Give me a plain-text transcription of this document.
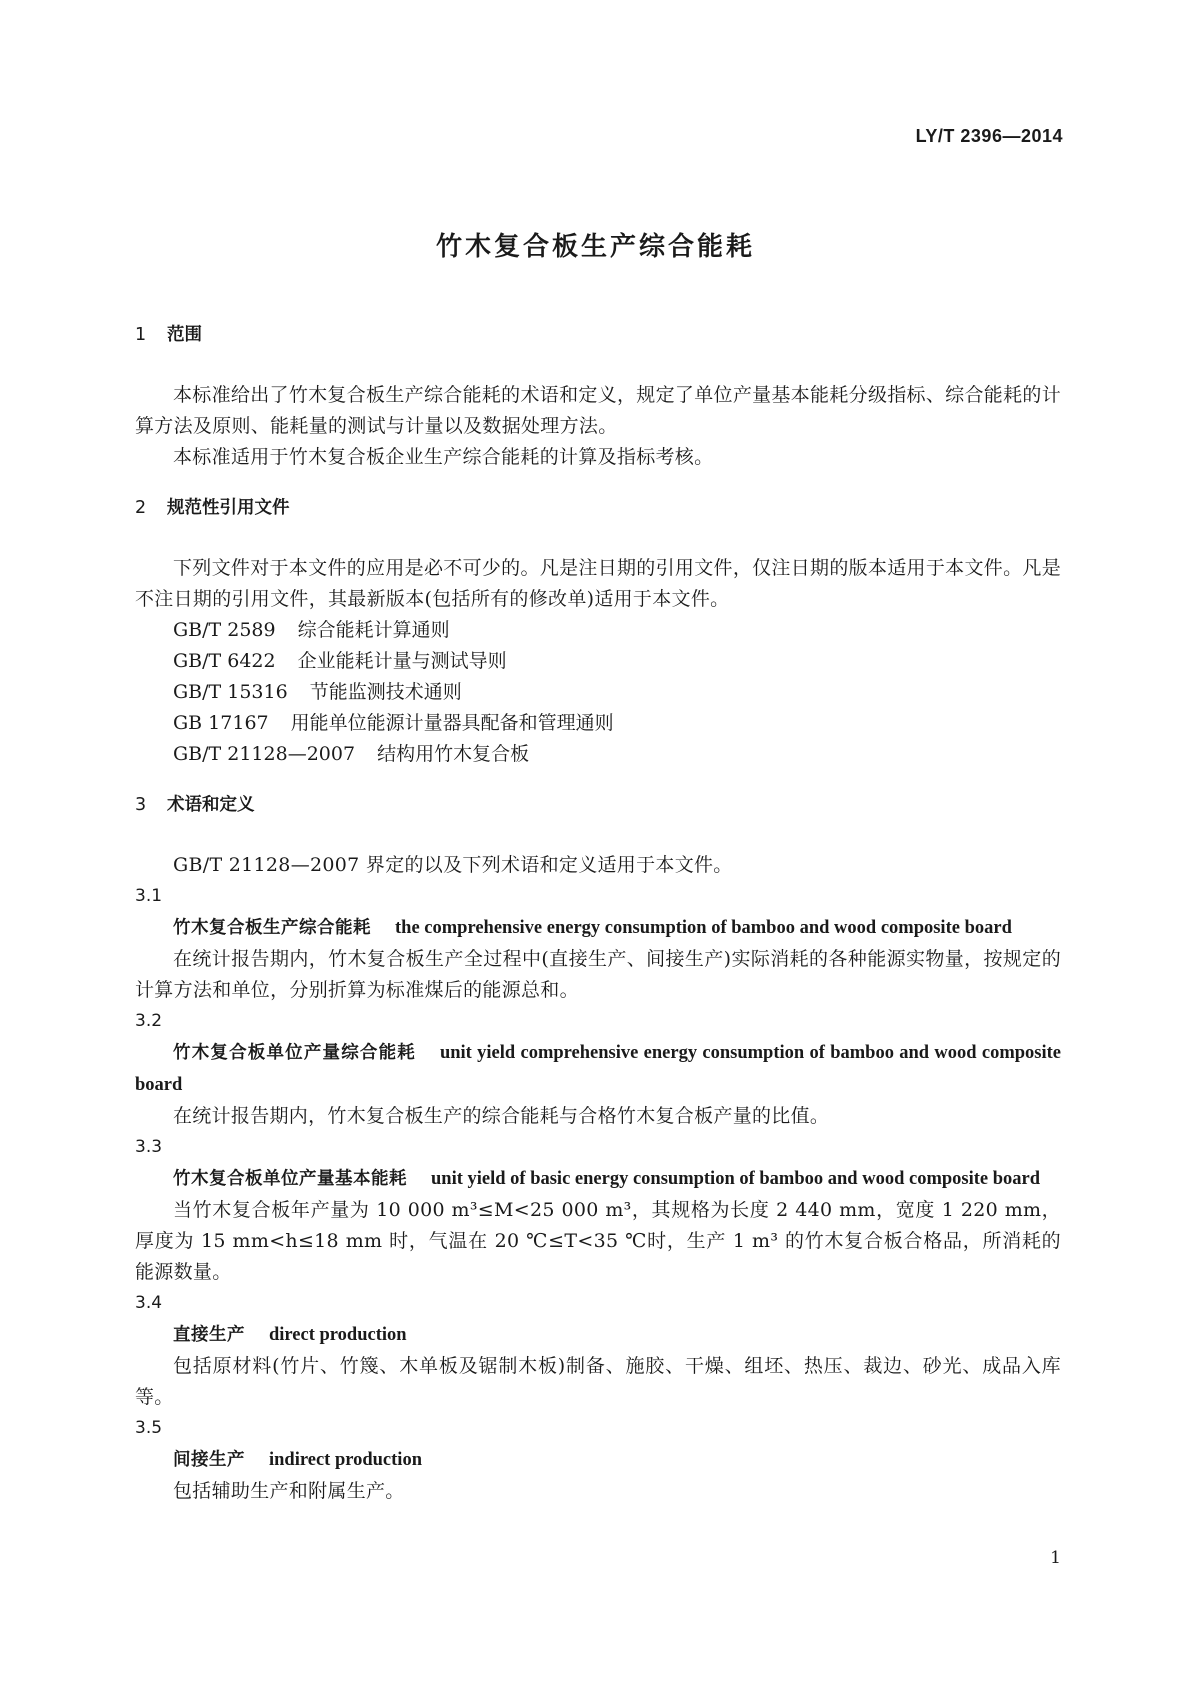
LY/T 2396—2014
竹木复合板生产综合能耗
1 范围

本标准给出了竹木复合板生产综合能耗的术语和定义，规定了单位产量基本能耗分级指标、综合能耗的计算方法及原则、能耗量的测试与计量以及数据处理方法。

本标准适用于竹木复合板企业生产综合能耗的计算及指标考核。

2 规范性引用文件

下列文件对于本文件的应用是必不可少的。凡是注日期的引用文件，仅注日期的版本适用于本文件。凡是不注日期的引用文件，其最新版本(包括所有的修改单)适用于本文件。

GB/T 2589 综合能耗计算通则

GB/T 6422 企业能耗计量与测试导则

GB/T 15316 节能监测技术通则

GB 17167 用能单位能源计量器具配备和管理通则

GB/T 21128—2007 结构用竹木复合板

3 术语和定义

GB/T 21128—2007 界定的以及下列术语和定义适用于本文件。

3.1

竹木复合板生产综合能耗 the comprehensive energy consumption of bamboo and wood composite board

在统计报告期内，竹木复合板生产全过程中(直接生产、间接生产)实际消耗的各种能源实物量，按规定的计算方法和单位，分别折算为标准煤后的能源总和。

3.2

竹木复合板单位产量综合能耗 unit yield comprehensive energy consumption of bamboo and wood composite board

在统计报告期内，竹木复合板生产的综合能耗与合格竹木复合板产量的比值。

3.3

竹木复合板单位产量基本能耗 unit yield of basic energy consumption of bamboo and wood composite board

当竹木复合板年产量为 10 000 m³≤M<25 000 m³，其规格为长度 2 440 mm，宽度 1 220 mm，厚度为 15 mm<h≤18 mm 时，气温在 20 ℃≤T<35 ℃时，生产 1 m³ 的竹木复合板合格品，所消耗的能源数量。

3.4

直接生产 direct production

包括原材料(竹片、竹篾、木单板及锯制木板)制备、施胶、干燥、组坯、热压、裁边、砂光、成品入库等。

3.5

间接生产 indirect production

包括辅助生产和附属生产。

1
